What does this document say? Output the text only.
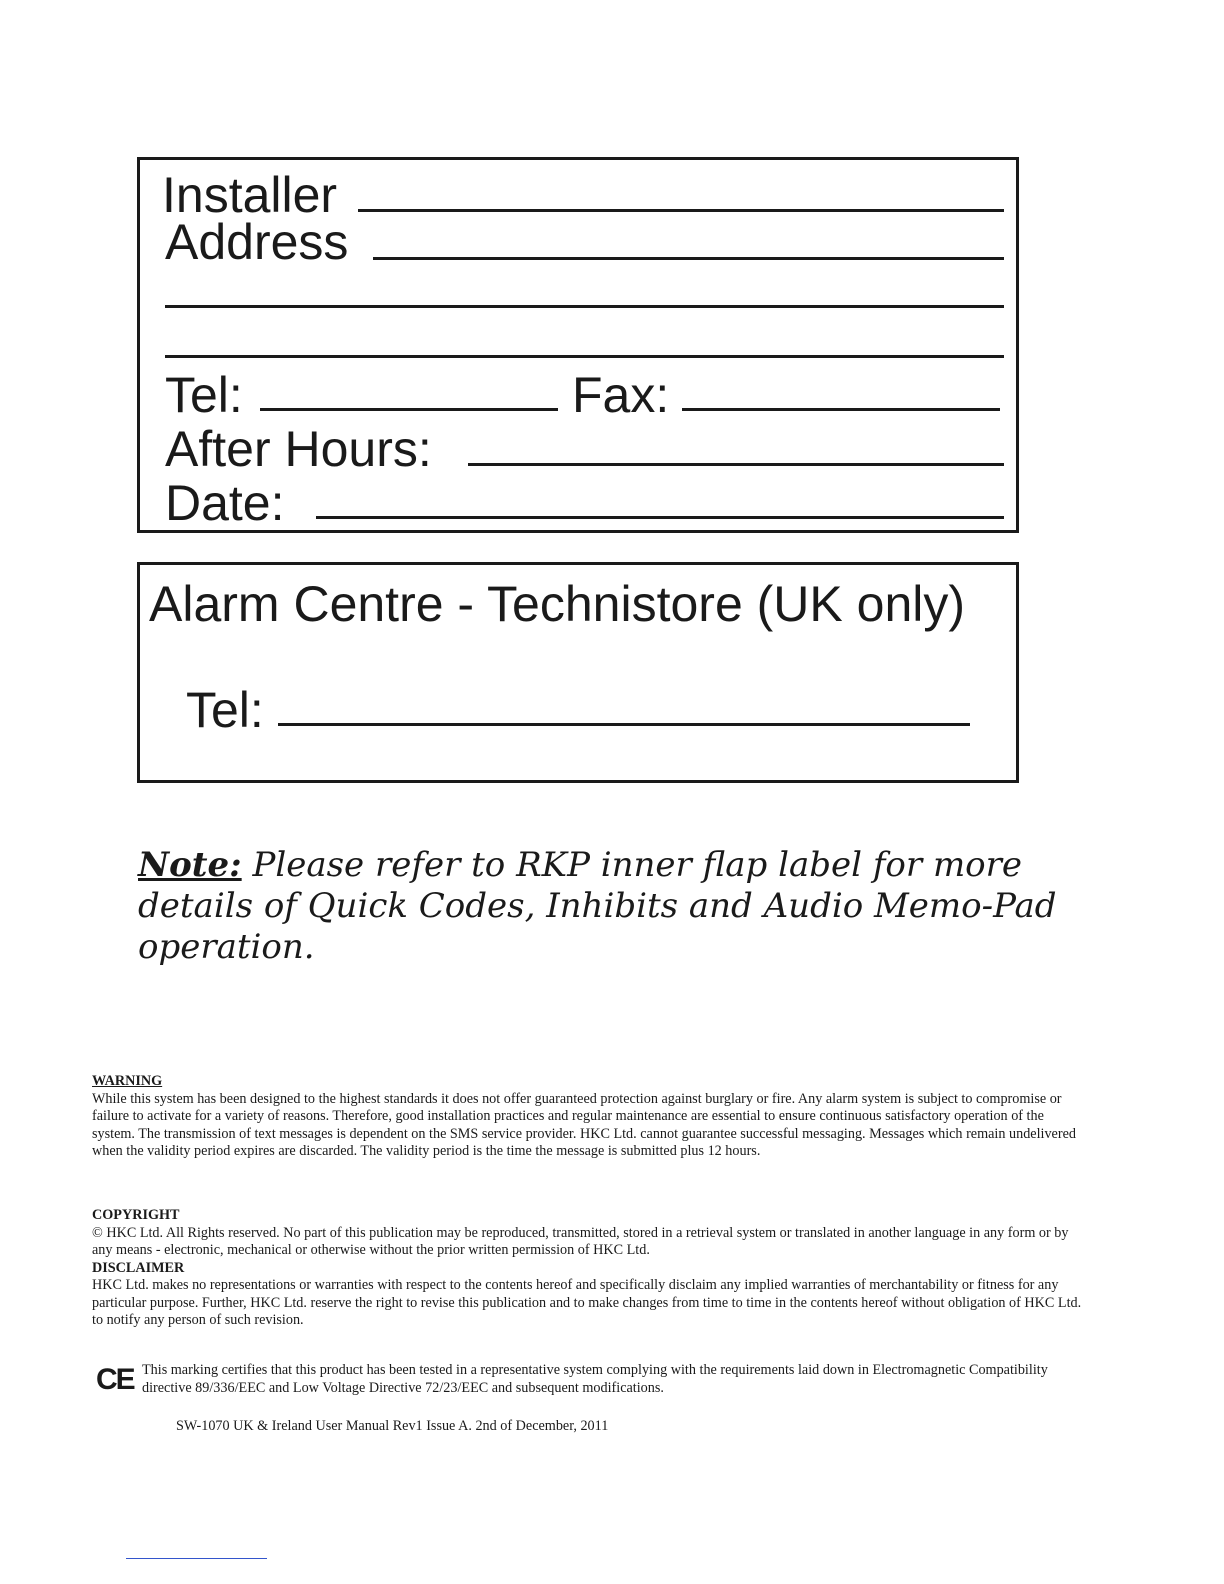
Installer
Address
Tel:	Fax:
After Hours:
Date:
Alarm Centre - Technistore (UK only)
Tel:
Note: Please refer to RKP inner flap label for more details of Quick Codes, Inhibits and Audio Memo-Pad operation.
WARNING
While this system has been designed to the highest standards it does not offer guaranteed protection against burglary or fire. Any alarm system is subject to compromise or failure to activate for a variety of reasons. Therefore, good installation practices and regular maintenance are essential to ensure continuous satisfactory operation of the system. The transmission of text messages is dependent on the SMS service provider. HKC Ltd. cannot guarantee successful messaging. Messages which remain undelivered when the validity period expires are discarded. The validity period is the time the message is submitted plus 12 hours.
COPYRIGHT
© HKC Ltd. All Rights reserved. No part of this publication may be reproduced, transmitted, stored in a retrieval system or translated in another language in any form or by any means - electronic, mechanical or otherwise without the prior written permission of HKC Ltd.
DISCLAIMER
HKC Ltd. makes no representations or warranties with respect to the contents hereof and specifically disclaim any implied warranties of merchantability or fitness for any particular purpose. Further, HKC Ltd. reserve the right to revise this publication and to make changes from time to time in the contents hereof without obligation of HKC Ltd. to notify any person of such revision.
CE This marking certifies that this product has been tested in a representative system complying with the requirements laid down in Electromagnetic Compatibility directive 89/336/EEC and Low Voltage Directive 72/23/EEC and subsequent modifications.
SW-1070 UK & Ireland User Manual Rev1 Issue A. 2nd of December, 2011
